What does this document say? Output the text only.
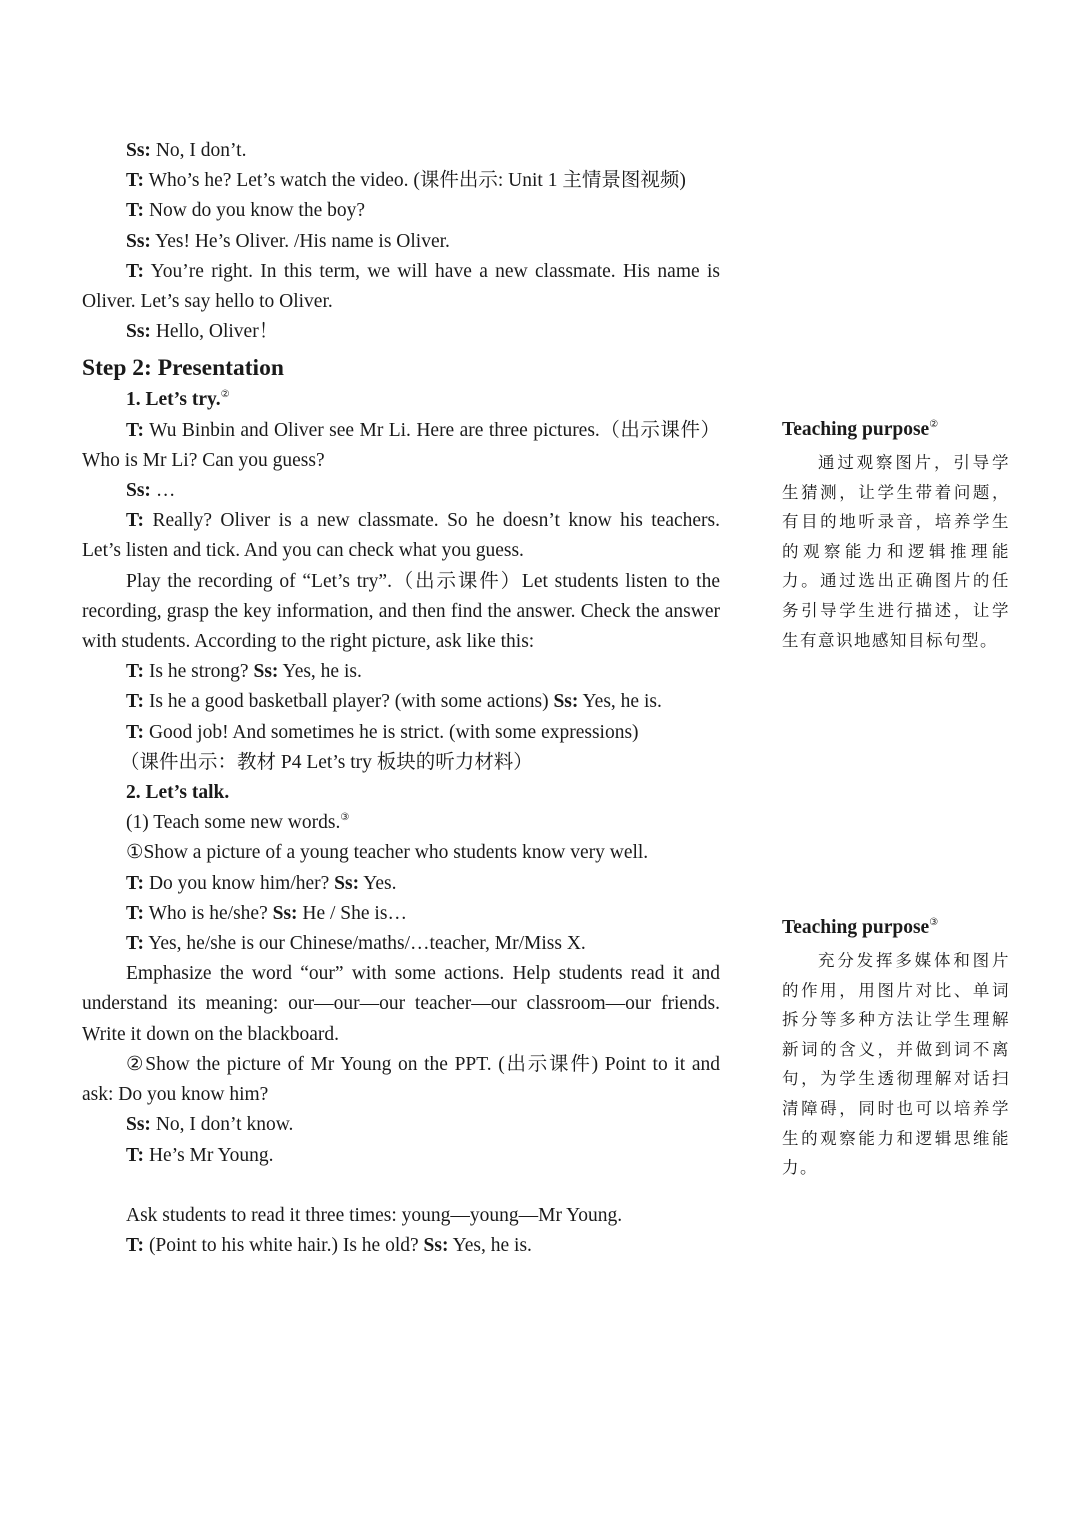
Ss: No, I don’t.

T: Who’s he? Let’s watch the video. (课件出示: Unit 1 主情景图视频)

T: Now do you know the boy?

Ss: Yes! He’s Oliver. /His name is Oliver.

T: You’re right. In this term, we will have a new classmate. His name is Oliver. Let’s say hello to Oliver.

Ss: Hello, Oliver！

Step 2: Presentation

1. Let’s try.②

T: Wu Binbin and Oliver see Mr Li. Here are three pictures.（出示课件）Who is Mr Li? Can you guess?

Ss: …

T: Really? Oliver is a new classmate. So he doesn’t know his teachers. Let’s listen and tick. And you can check what you guess.

Play the recording of “Let’s try”.（出示课件）Let students listen to the recording, grasp the key information, and then find the answer. Check the answer with students. According to the right picture, ask like this:

T: Is he strong? Ss: Yes, he is.

T: Is he a good basketball player? (with some actions) Ss: Yes, he is.

T: Good job! And sometimes he is strict. (with some expressions)

（课件出示：教材 P4 Let’s try 板块的听力材料）

2. Let’s talk.

(1) Teach some new words.③

①Show a picture of a young teacher who students know very well.

T: Do you know him/her? Ss: Yes.

T: Who is he/she? Ss: He / She is…

T: Yes, he/she is our Chinese/maths/…teacher, Mr/Miss X.

Emphasize the word “our” with some actions. Help students read it and understand its meaning: our—our—our teacher—our classroom—our friends. Write it down on the blackboard.

②Show the picture of Mr Young on the PPT. (出示课件) Point to it and ask: Do you know him?

Ss: No, I don’t know.

T: He’s Mr Young.

Ask students to read it three times: young—young—Mr Young.

T: (Point to his white hair.) Is he old? Ss: Yes, he is.

Teaching purpose②

通过观察图片，引导学生猜测，让学生带着问题，有目的地听录音，培养学生的观察能力和逻辑推理能力。通过选出正确图片的任务引导学生进行描述，让学生有意识地感知目标句型。

Teaching purpose③

充分发挥多媒体和图片的作用，用图片对比、单词拆分等多种方法让学生理解新词的含义，并做到词不离句，为学生透彻理解对话扫清障碍，同时也可以培养学生的观察能力和逻辑思维能力。
